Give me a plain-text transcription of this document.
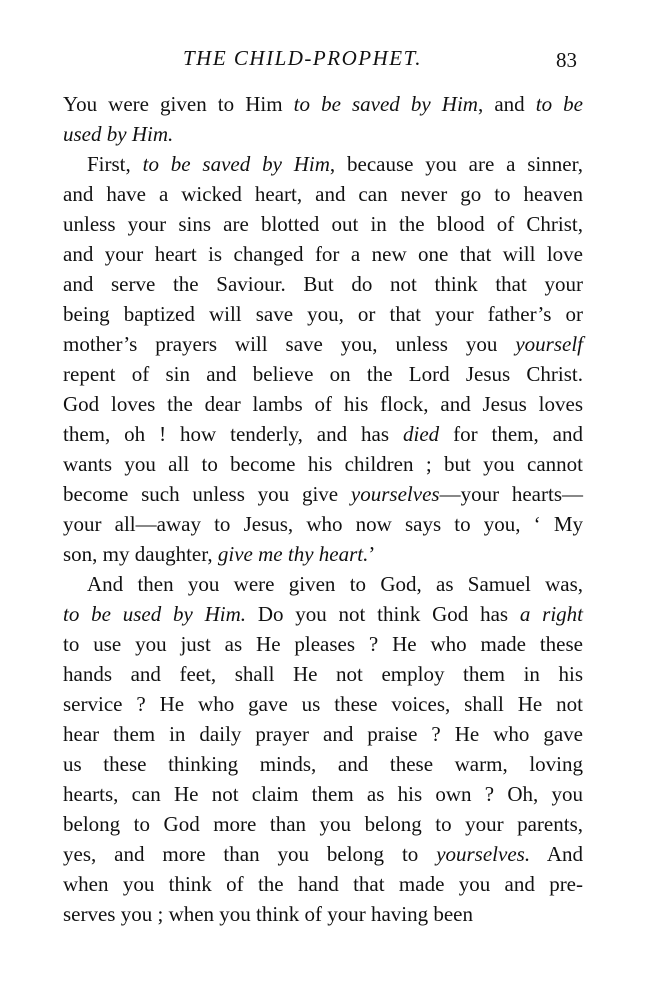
THE CHILD-PROPHET.	83
You were given to Him to be saved by Him, and to be
used by Him.
First, to be saved by Him, because you are a sinner,
and have a wicked heart, and can never go to heaven
unless your sins are blotted out in the blood of Christ,
and your heart is changed for a new one that will love
and serve the Saviour. But do not think that your
being baptized will save you, or that your father’s or
mother’s prayers will save you, unless you yourself
repent of sin and believe on the Lord Jesus Christ.
God loves the dear lambs of his flock, and Jesus loves
them, oh ! how tenderly, and has died for them, and
wants you all to become his children ; but you cannot
become such unless you give yourselves—your hearts—
your all—away to Jesus, who now says to you, ‘ My
son, my daughter, give me thy heart.’
And then you were given to God, as Samuel was,
to be used by Him. Do you not think God has a right
to use you just as He pleases ? He who made these
hands and feet, shall He not employ them in his
service ? He who gave us these voices, shall He not
hear them in daily prayer and praise ? He who gave
us these thinking minds, and these warm, loving
hearts, can He not claim them as his own ? Oh, you
belong to God more than you belong to your parents,
yes, and more than you belong to yourselves. And
when you think of the hand that made you and pre-
serves you ; when you think of your having been
